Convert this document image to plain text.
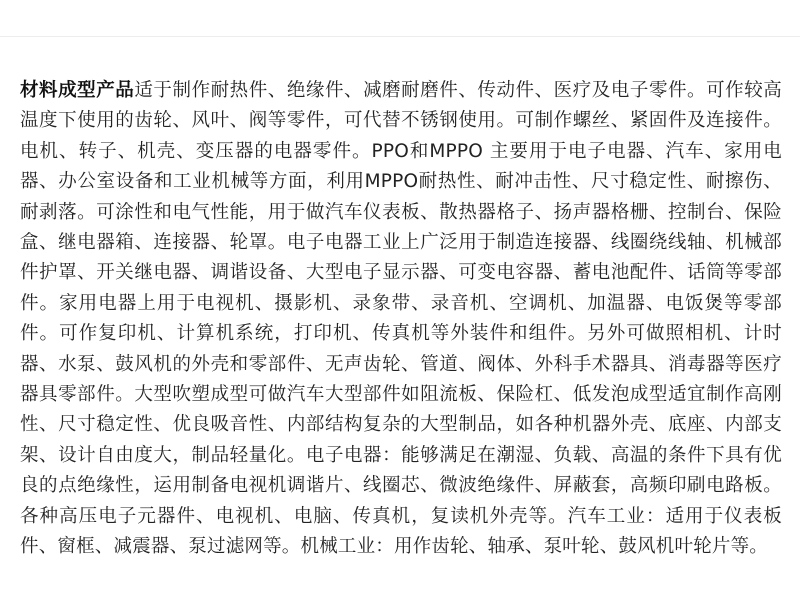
材料成型产品适于制作耐热件、绝缘件、减磨耐磨件、传动件、医疗及电子零件。可作较高温度下使用的齿轮、风叶、阀等零件，可代替不锈钢使用。可制作螺丝、紧固件及连接件。电机、转子、机壳、变压器的电器零件。PPO和MPPO 主要用于电子电器、汽车、家用电器、办公室设备和工业机械等方面，利用MPPO耐热性、耐冲击性、尺寸稳定性、耐擦伤、耐剥落。可涂性和电气性能，用于做汽车仪表板、散热器格子、扬声器格栅、控制台、保险盒、继电器箱、连接器、轮罩。电子电器工业上广泛用于制造连接器、线圈绕线轴、机械部件护罩、开关继电器、调谐设备、大型电子显示器、可变电容器、蓄电池配件、话筒等零部件。家用电器上用于电视机、摄影机、录象带、录音机、空调机、加温器、电饭煲等零部件。可作复印机、计算机系统，打印机、传真机等外装件和组件。另外可做照相机、计时器、水泵、鼓风机的外壳和零部件、无声齿轮、管道、阀体、外科手术器具、消毒器等医疗器具零部件。大型吹塑成型可做汽车大型部件如阻流板、保险杠、低发泡成型适宜制作高刚性、尺寸稳定性、优良吸音性、内部结构复杂的大型制品，如各种机器外壳、底座、内部支架、设计自由度大，制品轻量化。电子电器：能够满足在潮湿、负载、高温的条件下具有优良的点绝缘性，运用制备电视机调谐片、线圈芯、微波绝缘件、屏蔽套，高频印刷电路板。各种高压电子元器件、电视机、电脑、传真机，复读机外壳等。汽车工业：适用于仪表板件、窗框、减震器、泵过滤网等。机械工业：用作齿轮、轴承、泵叶轮、鼓风机叶轮片等。
